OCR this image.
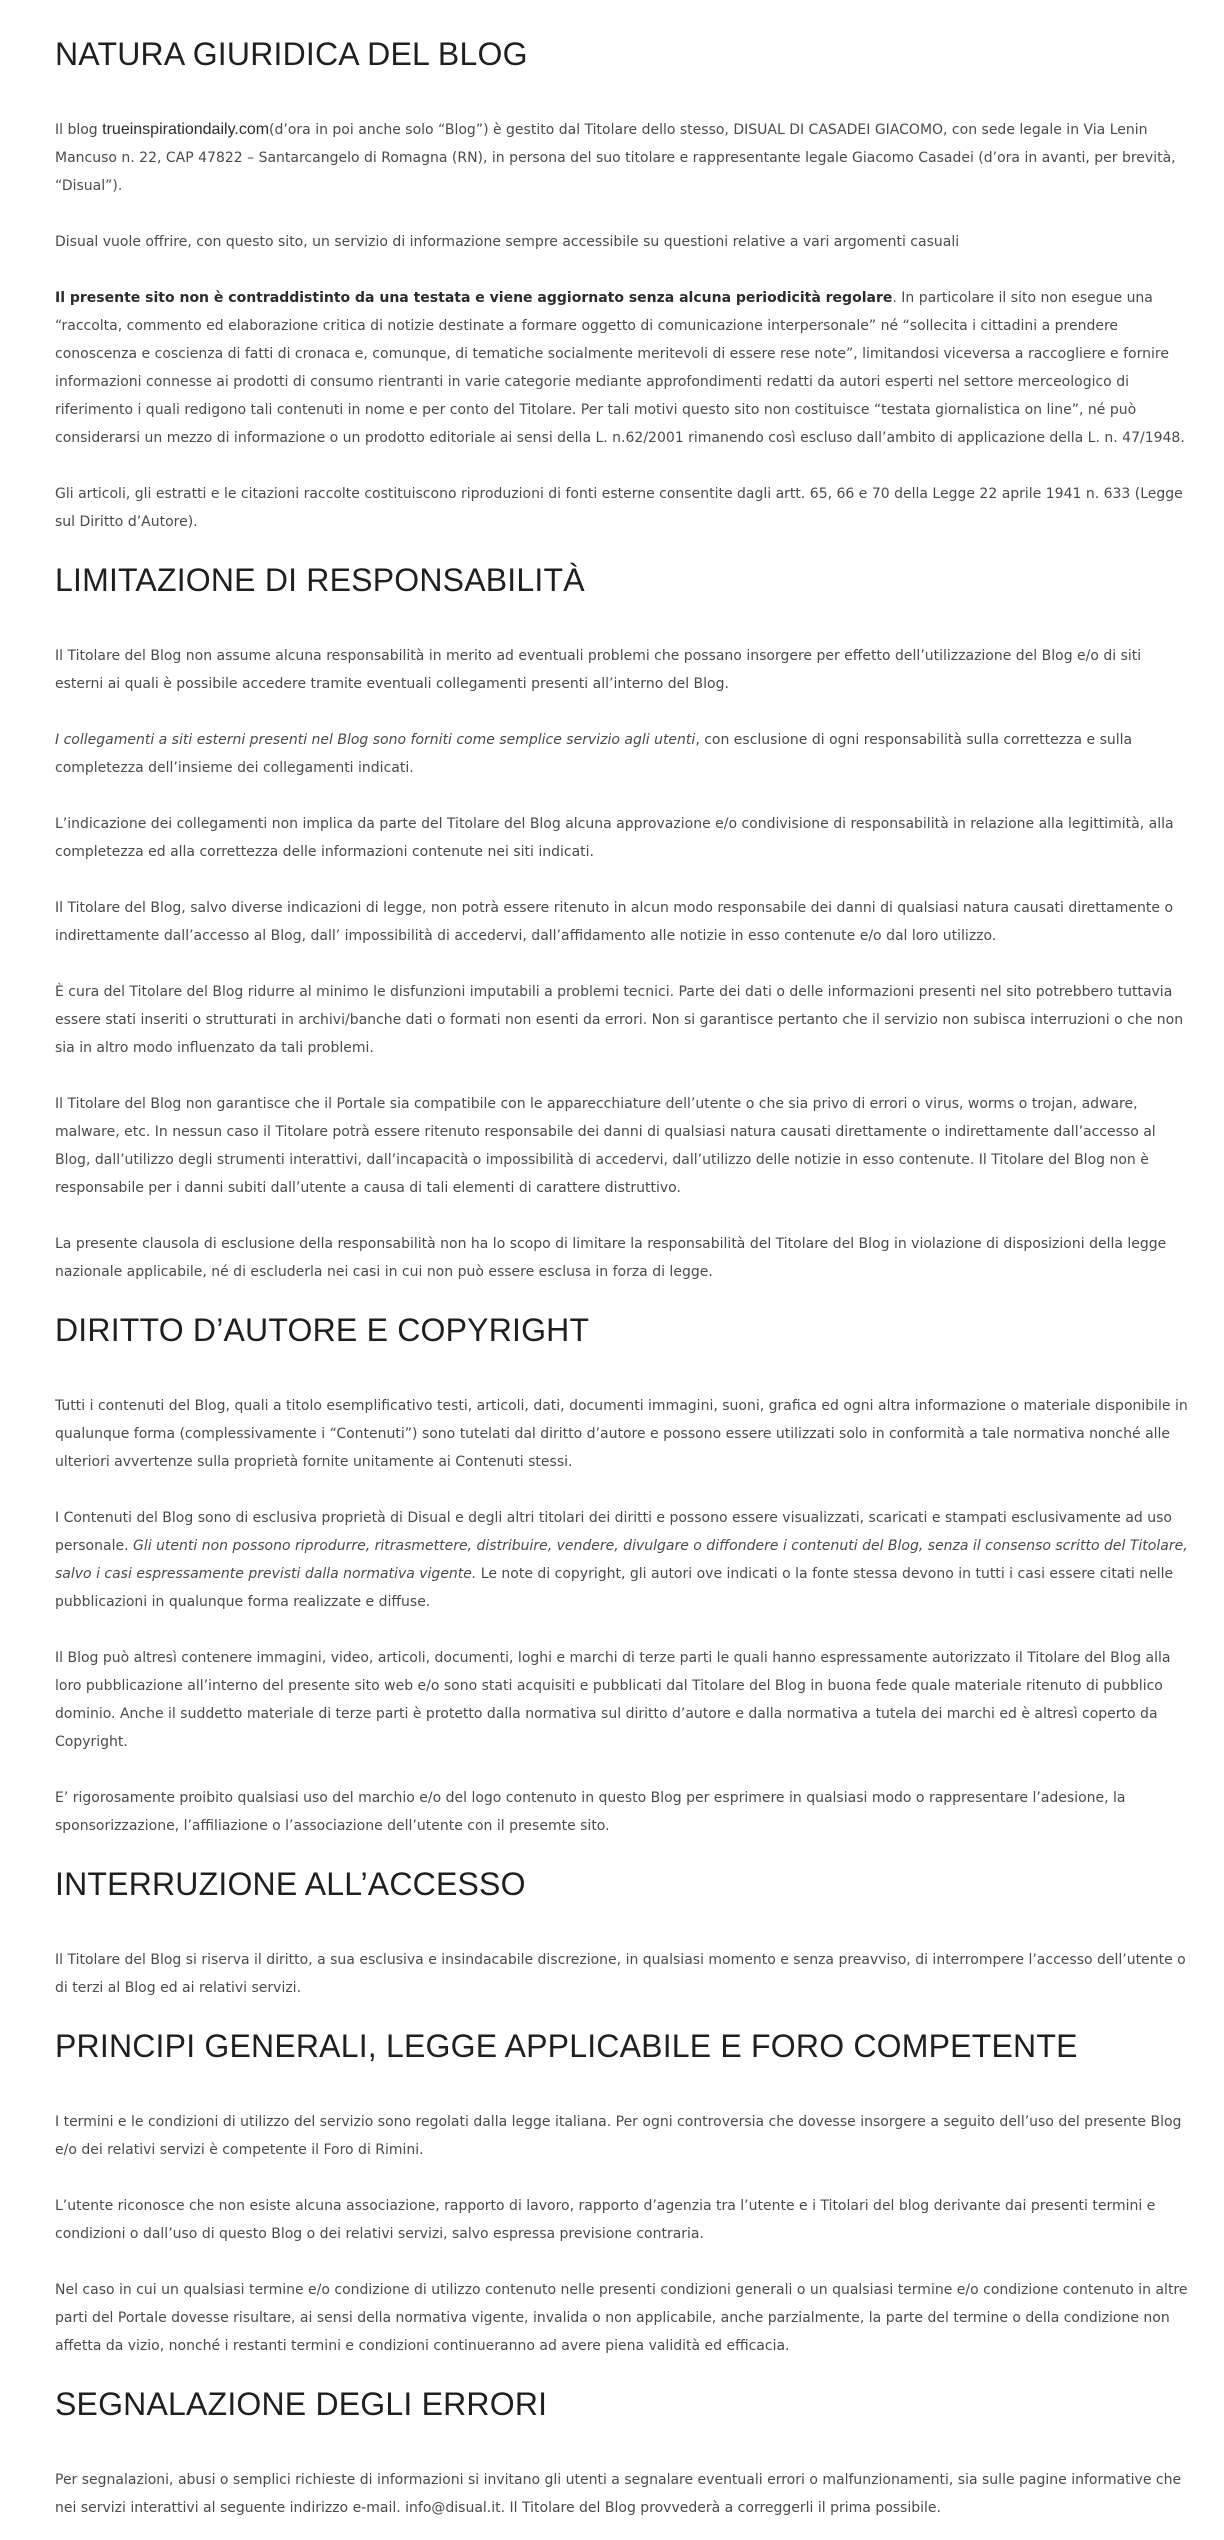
NATURA GIURIDICA DEL BLOG

Il blog trueinspirationdaily.com(d’ora in poi anche solo “Blog”) è gestito dal Titolare dello stesso, DISUAL DI CASADEI GIACOMO, con sede legale in Via Lenin Mancuso n. 22, CAP 47822 – Santarcangelo di Romagna (RN), in persona del suo titolare e rappresentante legale Giacomo Casadei (d’ora in avanti, per brevità, “Disual”).

Disual vuole offrire, con questo sito, un servizio di informazione sempre accessibile su questioni relative a vari argomenti casuali

Il presente sito non è contraddistinto da una testata e viene aggiornato senza alcuna periodicità regolare. In particolare il sito non esegue una “raccolta, commento ed elaborazione critica di notizie destinate a formare oggetto di comunicazione interpersonale” né “sollecita i cittadini a prendere conoscenza e coscienza di fatti di cronaca e, comunque, di tematiche socialmente meritevoli di essere rese note”, limitandosi viceversa a raccogliere e fornire informazioni connesse ai prodotti di consumo rientranti in varie categorie mediante approfondimenti redatti da autori esperti nel settore merceologico di riferimento i quali redigono tali contenuti in nome e per conto del Titolare. Per tali motivi questo sito non costituisce “testata giornalistica on line”, né può considerarsi un mezzo di informazione o un prodotto editoriale ai sensi della L. n.62/2001 rimanendo così escluso dall’ambito di applicazione della L. n. 47/1948.

Gli articoli, gli estratti e le citazioni raccolte costituiscono riproduzioni di fonti esterne consentite dagli artt. 65, 66 e 70 della Legge 22 aprile 1941 n. 633 (Legge sul Diritto d’Autore).

LIMITAZIONE DI RESPONSABILITÀ

Il Titolare del Blog non assume alcuna responsabilità in merito ad eventuali problemi che possano insorgere per effetto dell’utilizzazione del Blog e/o di siti esterni ai quali è possibile accedere tramite eventuali collegamenti presenti all’interno del Blog.

I collegamenti a siti esterni presenti nel Blog sono forniti come semplice servizio agli utenti, con esclusione di ogni responsabilità sulla correttezza e sulla completezza dell’insieme dei collegamenti indicati.

L’indicazione dei collegamenti non implica da parte del Titolare del Blog alcuna approvazione e/o condivisione di responsabilità in relazione alla legittimità, alla completezza ed alla correttezza delle informazioni contenute nei siti indicati.

Il Titolare del Blog, salvo diverse indicazioni di legge, non potrà essere ritenuto in alcun modo responsabile dei danni di qualsiasi natura causati direttamente o indirettamente dall’accesso al Blog, dall’ impossibilità di accedervi, dall’affidamento alle notizie in esso contenute e/o dal loro utilizzo.

È cura del Titolare del Blog ridurre al minimo le disfunzioni imputabili a problemi tecnici. Parte dei dati o delle informazioni presenti nel sito potrebbero tuttavia essere stati inseriti o strutturati in archivi/banche dati o formati non esenti da errori. Non si garantisce pertanto che il servizio non subisca interruzioni o che non sia in altro modo influenzato da tali problemi.

Il Titolare del Blog non garantisce che il Portale sia compatibile con le apparecchiature dell’utente o che sia privo di errori o virus, worms o trojan, adware, malware, etc. In nessun caso il Titolare potrà essere ritenuto responsabile dei danni di qualsiasi natura causati direttamente o indirettamente dall’accesso al Blog, dall’utilizzo degli strumenti interattivi, dall’incapacità o impossibilità di accedervi, dall’utilizzo delle notizie in esso contenute. Il Titolare del Blog non è responsabile per i danni subiti dall’utente a causa di tali elementi di carattere distruttivo.

La presente clausola di esclusione della responsabilità non ha lo scopo di limitare la responsabilità del Titolare del Blog in violazione di disposizioni della legge nazionale applicabile, né di escluderla nei casi in cui non può essere esclusa in forza di legge.

DIRITTO D’AUTORE E COPYRIGHT

Tutti i contenuti del Blog, quali a titolo esemplificativo testi, articoli, dati, documenti immagini, suoni, grafica ed ogni altra informazione o materiale disponibile in qualunque forma (complessivamente i “Contenuti”) sono tutelati dal diritto d’autore e possono essere utilizzati solo in conformità a tale normativa nonché alle ulteriori avvertenze sulla proprietà fornite unitamente ai Contenuti stessi.

I Contenuti del Blog sono di esclusiva proprietà di Disual e degli altri titolari dei diritti e possono essere visualizzati, scaricati e stampati esclusivamente ad uso personale. Gli utenti non possono riprodurre, ritrasmettere, distribuire, vendere, divulgare o diffondere i contenuti del Blog, senza il consenso scritto del Titolare, salvo i casi espressamente previsti dalla normativa vigente. Le note di copyright, gli autori ove indicati o la fonte stessa devono in tutti i casi essere citati nelle pubblicazioni in qualunque forma realizzate e diffuse.

Il Blog può altresì contenere immagini, video, articoli, documenti, loghi e marchi di terze parti le quali hanno espressamente autorizzato il Titolare del Blog alla loro pubblicazione all’interno del presente sito web e/o sono stati acquisiti e pubblicati dal Titolare del Blog in buona fede quale materiale ritenuto di pubblico dominio. Anche il suddetto materiale di terze parti è protetto dalla normativa sul diritto d’autore e dalla normativa a tutela dei marchi ed è altresì coperto da Copyright.

E’ rigorosamente proibito qualsiasi uso del marchio e/o del logo contenuto in questo Blog per esprimere in qualsiasi modo o rappresentare l’adesione, la sponsorizzazione, l’affiliazione o l’associazione dell’utente con il presemte sito.

INTERRUZIONE ALL’ACCESSO

Il Titolare del Blog si riserva il diritto, a sua esclusiva e insindacabile discrezione, in qualsiasi momento e senza preavviso, di interrompere l’accesso dell’utente o di terzi al Blog ed ai relativi servizi.

PRINCIPI GENERALI, LEGGE APPLICABILE E FORO COMPETENTE

I termini e le condizioni di utilizzo del servizio sono regolati dalla legge italiana. Per ogni controversia che dovesse insorgere a seguito dell’uso del presente Blog e/o dei relativi servizi è competente il Foro di Rimini.

L’utente riconosce che non esiste alcuna associazione, rapporto di lavoro, rapporto d’agenzia tra l’utente e i Titolari del blog derivante dai presenti termini e condizioni o dall’uso di questo Blog o dei relativi servizi, salvo espressa previsione contraria.

Nel caso in cui un qualsiasi termine e/o condizione di utilizzo contenuto nelle presenti condizioni generali o un qualsiasi termine e/o condizione contenuto in altre parti del Portale dovesse risultare, ai sensi della normativa vigente, invalida o non applicabile, anche parzialmente, la parte del termine o della condizione non affetta da vizio, nonché i restanti termini e condizioni continueranno ad avere piena validità ed efficacia.

SEGNALAZIONE DEGLI ERRORI

Per segnalazioni, abusi o semplici richieste di informazioni si invitano gli utenti a segnalare eventuali errori o malfunzionamenti, sia sulle pagine informative che nei servizi interattivi al seguente indirizzo e-mail. info@disual.it. Il Titolare del Blog provvederà a correggerli il prima possibile.
